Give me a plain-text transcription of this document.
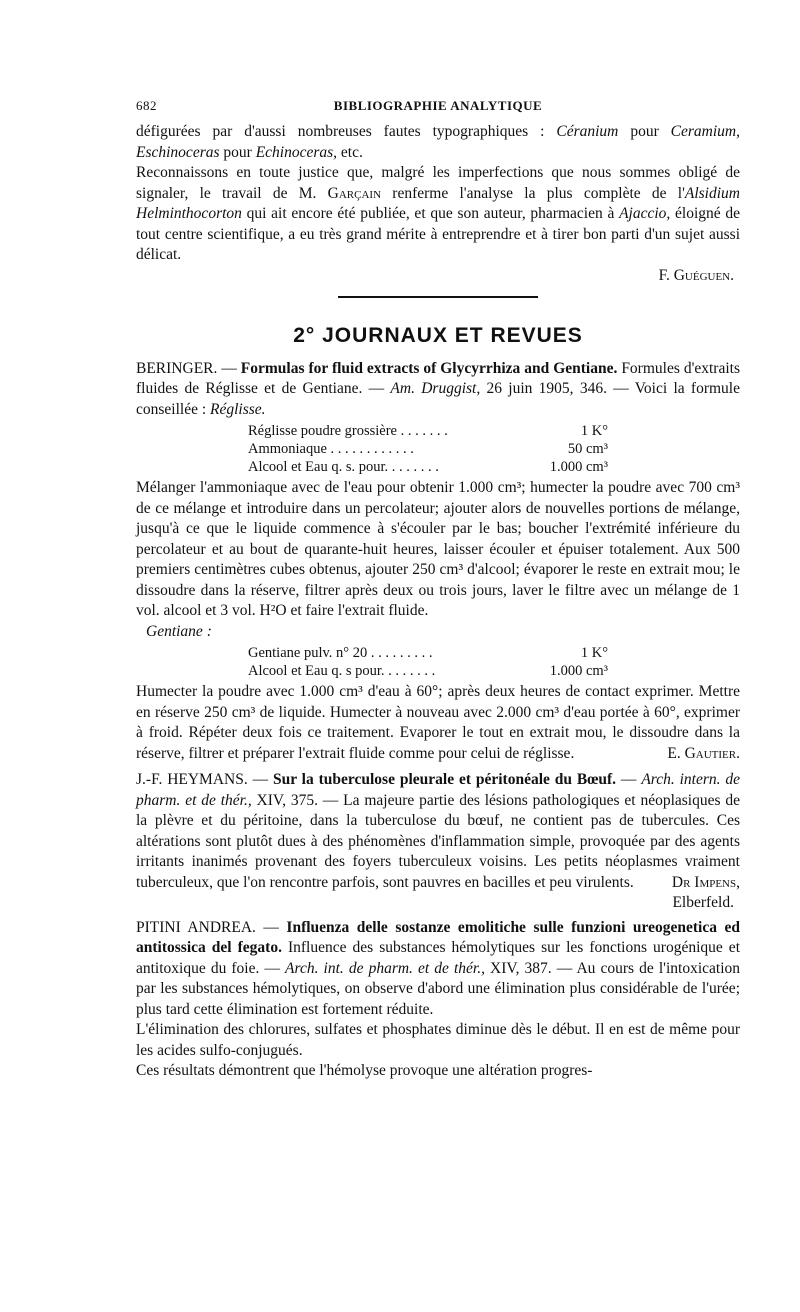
682	BIBLIOGRAPHIE ANALYTIQUE

défigurées par d'aussi nombreuses fautes typographiques : Céranium pour Ceramium, Eschinoceras pour Echinoceras, etc.

Reconnaissons en toute justice que, malgré les imperfections que nous sommes obligé de signaler, le travail de M. Garçain renferme l'analyse la plus complète de l'Alsidium Helminthocorton qui ait encore été publiée, et que son auteur, pharmacien à Ajaccio, éloigné de tout centre scientifique, a eu très grand mérite à entreprendre et à tirer bon parti d'un sujet aussi délicat.

F. Guéguen.

2° JOURNAUX ET REVUES

BERINGER. — Formulas for fluid extracts of Glycyrrhiza and Gentiane. Formules d'extraits fluides de Réglisse et de Gentiane. — Am. Druggist, 26 juin 1905, 346. — Voici la formule conseillée : Réglisse.

Réglisse poudre grossière . . . . . . .	1 K°
Ammoniaque . . . . . . . . . . . .	50 cm³
Alcool et Eau q. s. pour. . . . . . . .	1.000 cm³

Mélanger l'ammoniaque avec de l'eau pour obtenir 1.000 cm³; humecter la poudre avec 700 cm³ de ce mélange et introduire dans un percolateur; ajouter alors de nouvelles portions de mélange, jusqu'à ce que le liquide commence à s'écouler par le bas; boucher l'extrémité inférieure du percolateur et au bout de quarante-huit heures, laisser écouler et épuiser totalement. Aux 500 premiers centimètres cubes obtenus, ajouter 250 cm³ d'alcool; évaporer le reste en extrait mou; le dissoudre dans la réserve, filtrer après deux ou trois jours, laver le filtre avec un mélange de 1 vol. alcool et 3 vol. H²O et faire l'extrait fluide.

Gentiane :

Gentiane pulv. n° 20 . . . . . . . . .	1 K°
Alcool et Eau q. s pour. . . . . . . .	1.000 cm³

Humecter la poudre avec 1.000 cm³ d'eau à 60°; après deux heures de contact exprimer. Mettre en réserve 250 cm³ de liquide. Humecter à nouveau avec 2.000 cm³ d'eau portée à 60°, exprimer à froid. Répéter deux fois ce traitement. Evaporer le tout en extrait mou, le dissoudre dans la réserve, filtrer et préparer l'extrait fluide comme pour celui de réglisse.	E. Gautier.

J.-F. HEYMANS. — Sur la tuberculose pleurale et péritonéale du Bœuf. — Arch. intern. de pharm. et de thér., XIV, 375. — La majeure partie des lésions pathologiques et néoplasiques de la plèvre et du péritoine, dans la tuberculose du bœuf, ne contient pas de tubercules. Ces altérations sont plutôt dues à des phénomènes d'inflammation simple, provoquée par des agents irritants inanimés provenant des foyers tuberculeux voisins. Les petits néoplasmes vraiment tuberculeux, que l'on rencontre parfois, sont pauvres en bacilles et peu virulents. Dr Impens,

Elberfeld.

PITINI ANDREA. — Influenza delle sostanze emolitiche sulle funzioni ureogenetica ed antitossica del fegato. Influence des substances hémolytiques sur les fonctions urogénique et antitoxique du foie. — Arch. int. de pharm. et de thér., XIV, 387. — Au cours de l'intoxication par les substances hémolytiques, on observe d'abord une élimination plus considérable de l'urée; plus tard cette élimination est fortement réduite.

L'élimination des chlorures, sulfates et phosphates diminue dès le début. Il en est de même pour les acides sulfo-conjugués.

Ces résultats démontrent que l'hémolyse provoque une altération progres-
